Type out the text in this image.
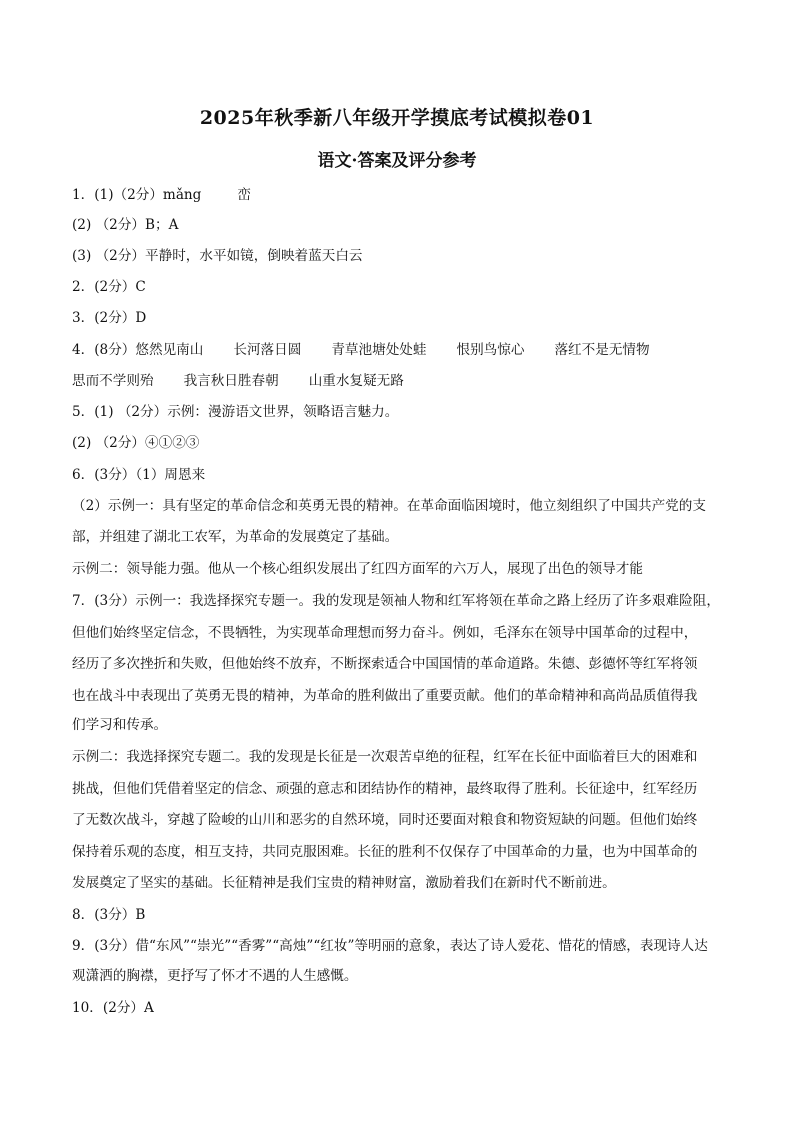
2025年秋季新八年级开学摸底考试模拟卷01
语文·答案及评分参考
1．(1)（2分）mǎng	峦
(2) （2分）B；A
(3) （2分）平静时，水平如镜，倒映着蓝天白云
2．(2分）C
3．(2分）D
4．(8分）悠然见南山 长河落日圆 青草池塘处处蛙 恨别鸟惊心 落红不是无情物
思而不学则殆 我言秋日胜春朝 山重水复疑无路
5．(1) （2分）示例：漫游语文世界，领略语言魅力。
(2) （2分）④①②③
6．(3分）（1）周恩来
（2）示例一：具有坚定的革命信念和英勇无畏的精神。在革命面临困境时，他立刻组织了中国共产党的支
部，并组建了湖北工农军，为革命的发展奠定了基础。
示例二：领导能力强。他从一个核心组织发展出了红四方面军的六万人，展现了出色的领导才能
7．(3分）示例一：我选择探究专题一。我的发现是领袖人物和红军将领在革命之路上经历了许多艰难险阻，
但他们始终坚定信念，不畏牺牲，为实现革命理想而努力奋斗。例如，毛泽东在领导中国革命的过程中，
经历了多次挫折和失败，但他始终不放弃，不断探索适合中国国情的革命道路。朱德、彭德怀等红军将领
也在战斗中表现出了英勇无畏的精神，为革命的胜利做出了重要贡献。他们的革命精神和高尚品质值得我
们学习和传承。
示例二：我选择探究专题二。我的发现是长征是一次艰苦卓绝的征程，红军在长征中面临着巨大的困难和
挑战，但他们凭借着坚定的信念、顽强的意志和团结协作的精神，最终取得了胜利。长征途中，红军经历
了无数次战斗，穿越了险峻的山川和恶劣的自然环境，同时还要面对粮食和物资短缺的问题。但他们始终
保持着乐观的态度，相互支持，共同克服困难。长征的胜利不仅保存了中国革命的力量，也为中国革命的
发展奠定了坚实的基础。长征精神是我们宝贵的精神财富，激励着我们在新时代不断前进。
8．(3分）B
9．(3分）借“东风”“崇光”“香雾”“高烛”“红妆”等明丽的意象，表达了诗人爱花、惜花的情感，表现诗人达
观潇洒的胸襟，更抒写了怀才不遇的人生感慨。
10．(2分）A
